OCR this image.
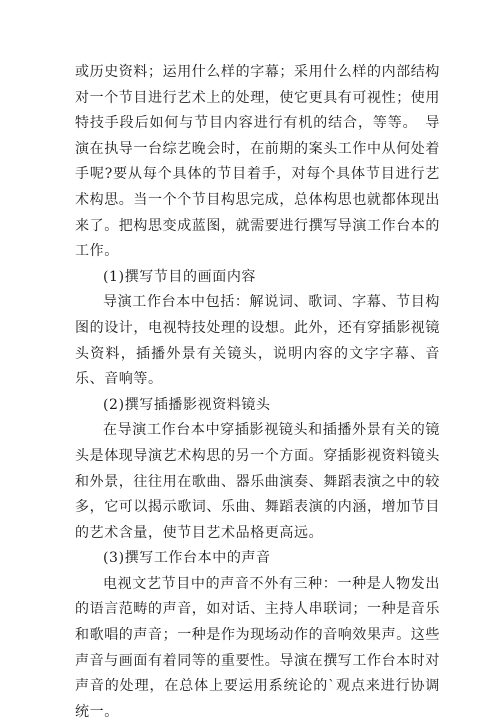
或历史资料；运用什么样的字幕；采用什么样的内部结构对一个节目进行艺术上的处理，使它更具有可视性；使用特技手段后如何与节目内容进行有机的结合，等等。　导演在执导一台综艺晚会时，在前期的案头工作中从何处着手呢?要从每个具体的节目着手，对每个具体节目进行艺术构思。当一个个节目构思完成，总体构思也就都体现出来了。把构思变成蓝图，就需要进行撰写导演工作台本的工作。

(1)撰写节目的画面内容

导演工作台本中包括：解说词、歌词、字幕、节目构图的设计，电视特技处理的设想。此外，还有穿插影视镜头资料，插播外景有关镜头，说明内容的文字字幕、音乐、音响等。

(2)撰写插播影视资料镜头

在导演工作台本中穿插影视镜头和插播外景有关的镜头是体现导演艺术构思的另一个方面。穿插影视资料镜头和外景，往往用在歌曲、器乐曲演奏、舞蹈表演之中的较多，它可以揭示歌词、乐曲、舞蹈表演的内涵，增加节目的艺术含量，使节目艺术品格更高远。

(3)撰写工作台本中的声音

电视文艺节目中的声音不外有三种：一种是人物发出的语言范畴的声音，如对话、主持人串联词；一种是音乐和歌唱的声音；一种是作为现场动作的音响效果声。这些声音与画面有着同等的重要性。导演在撰写工作台本时对声音的处理，在总体上要运用系统论的`观点来进行协调统一。
